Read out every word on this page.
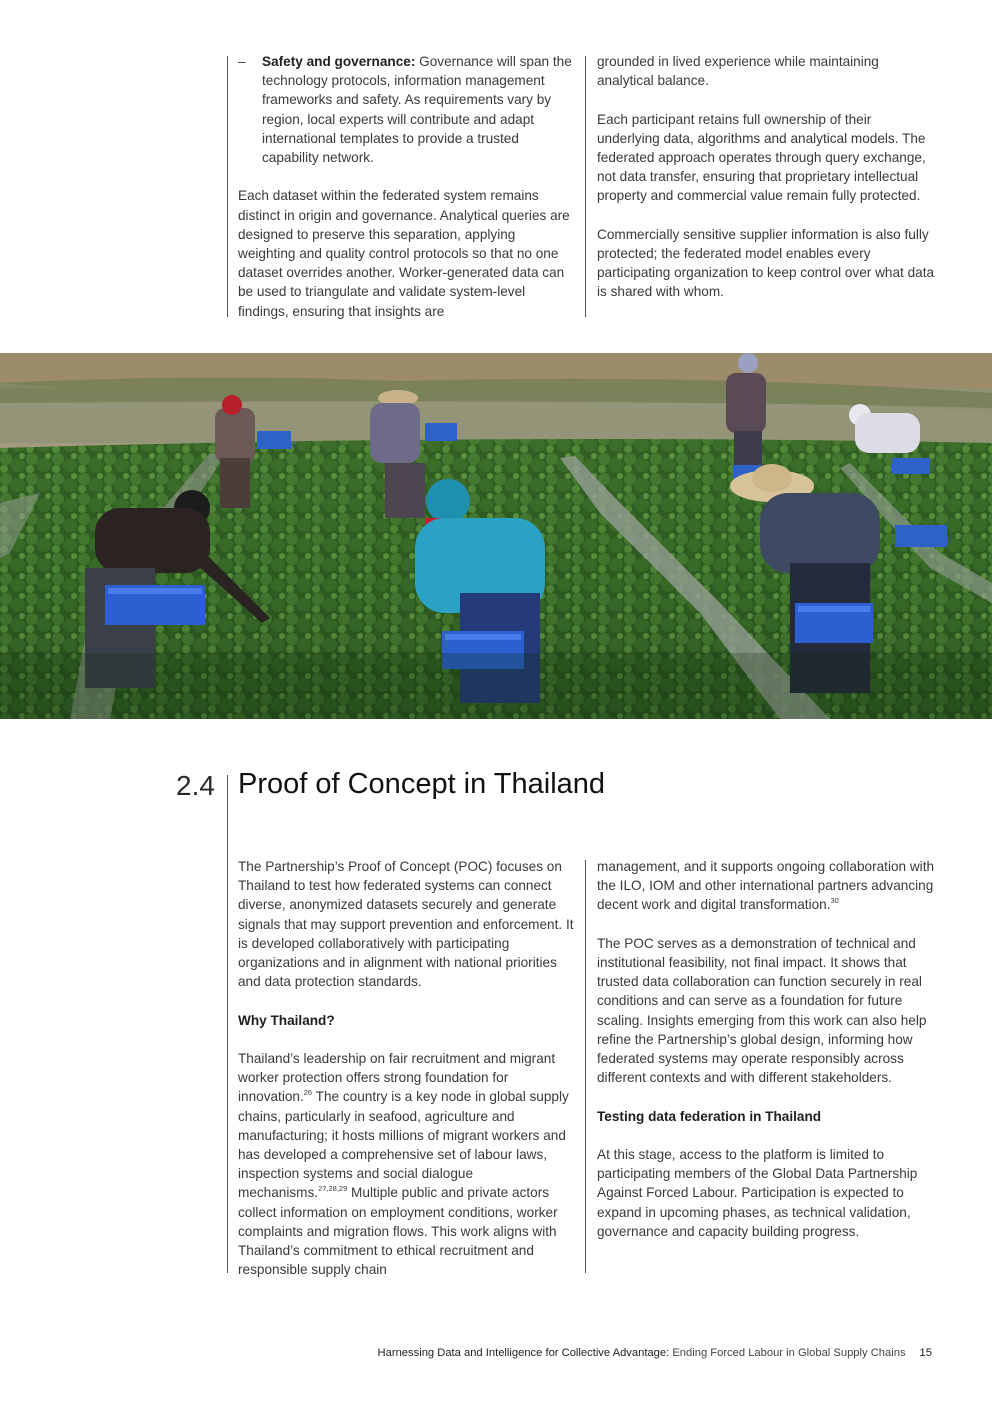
– Safety and governance: Governance will span the technology protocols, information management frameworks and safety. As requirements vary by region, local experts will contribute and adapt international templates to provide a trusted capability network.

Each dataset within the federated system remains distinct in origin and governance. Analytical queries are designed to preserve this separation, applying weighting and quality control protocols so that no one dataset overrides another. Worker-generated data can be used to triangulate and validate system-level findings, ensuring that insights are

grounded in lived experience while maintaining analytical balance.

Each participant retains full ownership of their underlying data, algorithms and analytical models. The federated approach operates through query exchange, not data transfer, ensuring that proprietary intellectual property and commercial value remain fully protected.

Commercially sensitive supplier information is also fully protected; the federated model enables every participating organization to keep control over what data is shared with whom.

2.4 Proof of Concept in Thailand

The Partnership’s Proof of Concept (POC) focuses on Thailand to test how federated systems can connect diverse, anonymized datasets securely and generate signals that may support prevention and enforcement. It is developed collaboratively with participating organizations and in alignment with national priorities and data protection standards.

Why Thailand?

Thailand’s leadership on fair recruitment and migrant worker protection offers strong foundation for innovation.$^{26}$ The country is a key node in global supply chains, particularly in seafood, agriculture and manufacturing; it hosts millions of migrant workers and has developed a comprehensive set of labour laws, inspection systems and social dialogue mechanisms.$^{27,28,29}$ Multiple public and private actors collect information on employment conditions, worker complaints and migration flows. This work aligns with Thailand’s commitment to ethical recruitment and responsible supply chain

management, and it supports ongoing collaboration with the ILO, IOM and other international partners advancing decent work and digital transformation.$^{30}$

The POC serves as a demonstration of technical and institutional feasibility, not final impact. It shows that trusted data collaboration can function securely in real conditions and can serve as a foundation for future scaling. Insights emerging from this work can also help refine the Partnership’s global design, informing how federated systems may operate responsibly across different contexts and with different stakeholders.

Testing data federation in Thailand

At this stage, access to the platform is limited to participating members of the Global Data Partnership Against Forced Labour. Participation is expected to expand in upcoming phases, as technical validation, governance and capacity building progress.

Harnessing Data and Intelligence for Collective Advantage: Ending Forced Labour in Global Supply Chains 15
